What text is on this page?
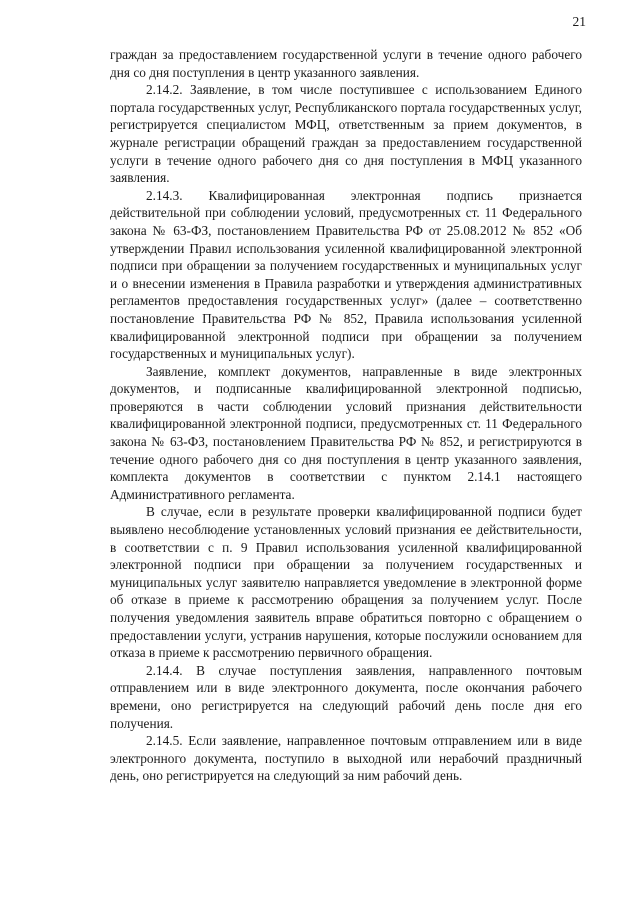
21

граждан за предоставлением государственной услуги в течение одного рабочего дня со дня поступления в центр указанного заявления.

2.14.2. Заявление, в том числе поступившее с использованием Единого портала государственных услуг, Республиканского портала государственных услуг, регистрируется специалистом МФЦ, ответственным за прием документов, в журнале регистрации обращений граждан за предоставлением государственной услуги в течение одного рабочего дня со дня поступления в МФЦ указанного заявления.

2.14.3. Квалифицированная электронная подпись признается действительной при соблюдении условий, предусмотренных ст. 11 Федерального закона № 63-ФЗ, постановлением Правительства РФ от 25.08.2012 № 852 «Об утверждении Правил использования усиленной квалифицированной электронной подписи при обращении за получением государственных и муниципальных услуг и о внесении изменения в Правила разработки и утверждения административных регламентов предоставления государственных услуг» (далее – соответственно постановление Правительства РФ № 852, Правила использования усиленной квалифицированной электронной подписи при обращении за получением государственных и муниципальных услуг).

Заявление, комплект документов, направленные в виде электронных документов, и подписанные квалифицированной электронной подписью, проверяются в части соблюдении условий признания действительности квалифицированной электронной подписи, предусмотренных ст. 11 Федерального закона № 63-ФЗ, постановлением Правительства РФ № 852, и регистрируются в течение одного рабочего дня со дня поступления в центр указанного заявления, комплекта документов в соответствии с пунктом 2.14.1 настоящего Административного регламента.

В случае, если в результате проверки квалифицированной подписи будет выявлено несоблюдение установленных условий признания ее действительности, в соответствии с п. 9 Правил использования усиленной квалифицированной электронной подписи при обращении за получением государственных и муниципальных услуг заявителю направляется уведомление в электронной форме об отказе в приеме к рассмотрению обращения за получением услуг. После получения уведомления заявитель вправе обратиться повторно с обращением о предоставлении услуги, устранив нарушения, которые послужили основанием для отказа в приеме к рассмотрению первичного обращения.

2.14.4. В случае поступления заявления, направленного почтовым отправлением или в виде электронного документа, после окончания рабочего времени, оно регистрируется на следующий рабочий день после дня его получения.

2.14.5. Если заявление, направленное почтовым отправлением или в виде электронного документа, поступило в выходной или нерабочий праздничный день, оно регистрируется на следующий за ним рабочий день.
